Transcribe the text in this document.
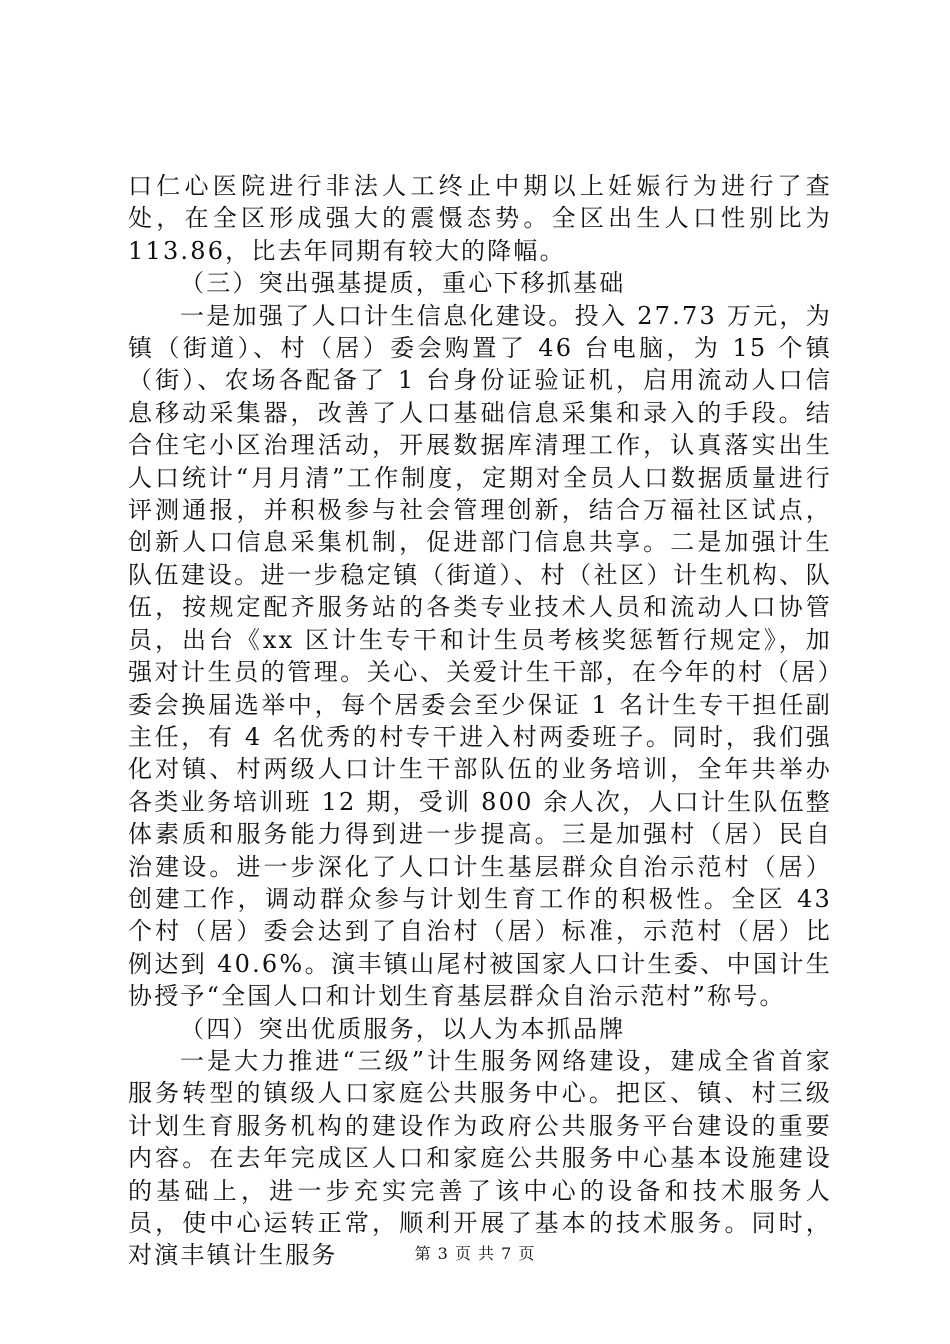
口仁心医院进行非法人工终止中期以上妊娠行为进行了查处，在全区形成强大的震慑态势。全区出生人口性别比为 113.86，比去年同期有较大的降幅。

（三）突出强基提质，重心下移抓基础

一是加强了人口计生信息化建设。投入 27.73 万元，为镇（街道）、村（居）委会购置了 46 台电脑，为 15 个镇（街）、农场各配备了 1 台身份证验证机，启用流动人口信息移动采集器，改善了人口基础信息采集和录入的手段。结合住宅小区治理活动，开展数据库清理工作，认真落实出生人口统计“月月清”工作制度，定期对全员人口数据质量进行评测通报，并积极参与社会管理创新，结合万福社区试点，创新人口信息采集机制，促进部门信息共享。二是加强计生队伍建设。进一步稳定镇（街道）、村（社区）计生机构、队伍，按规定配齐服务站的各类专业技术人员和流动人口协管员，出台《xx 区计生专干和计生员考核奖惩暂行规定》，加强对计生员的管理。关心、关爱计生干部，在今年的村（居）委会换届选举中，每个居委会至少保证 1 名计生专干担任副主任，有 4 名优秀的村专干进入村两委班子。同时，我们强化对镇、村两级人口计生干部队伍的业务培训，全年共举办各类业务培训班 12 期，受训 800 余人次，人口计生队伍整体素质和服务能力得到进一步提高。三是加强村（居）民自治建设。进一步深化了人口计生基层群众自治示范村（居）创建工作，调动群众参与计划生育工作的积极性。全区 43 个村（居）委会达到了自治村（居）标准，示范村（居）比例达到 40.6%。演丰镇山尾村被国家人口计生委、中国计生协授予“全国人口和计划生育基层群众自治示范村”称号。

（四）突出优质服务，以人为本抓品牌

一是大力推进“三级”计生服务网络建设，建成全省首家服务转型的镇级人口家庭公共服务中心。把区、镇、村三级计划生育服务机构的建设作为政府公共服务平台建设的重要内容。在去年完成区人口和家庭公共服务中心基本设施建设的基础上，进一步充实完善了该中心的设备和技术服务人员，使中心运转正常，顺利开展了基本的技术服务。同时，对演丰镇计生服务	第 3 页 共 7 页
